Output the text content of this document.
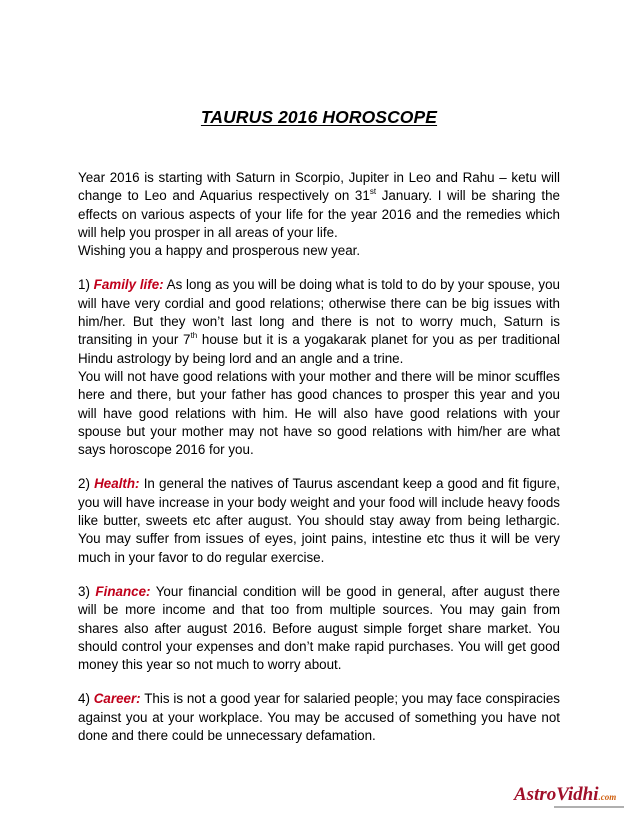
TAURUS 2016 HOROSCOPE

Year 2016 is starting with Saturn in Scorpio, Jupiter in Leo and Rahu – ketu will change to Leo and Aquarius respectively on 31st January. I will be sharing the effects on various aspects of your life for the year 2016 and the remedies which will help you prosper in all areas of your life.

Wishing you a happy and prosperous new year.

1) Family life: As long as you will be doing what is told to do by your spouse, you will have very cordial and good relations; otherwise there can be big issues with him/her. But they won’t last long and there is not to worry much, Saturn is transiting in your 7th house but it is a yogakarak planet for you as per traditional Hindu astrology by being lord and an angle and a trine.

You will not have good relations with your mother and there will be minor scuffles here and there, but your father has good chances to prosper this year and you will have good relations with him. He will also have good relations with your spouse but your mother may not have so good relations with him/her are what says horoscope 2016 for you.

2) Health: In general the natives of Taurus ascendant keep a good and fit figure, you will have increase in your body weight and your food will include heavy foods like butter, sweets etc after august. You should stay away from being lethargic. You may suffer from issues of eyes, joint pains, intestine etc thus it will be very much in your favor to do regular exercise.

3) Finance: Your financial condition will be good in general, after august there will be more income and that too from multiple sources. You may gain from shares also after august 2016. Before august simple forget share market. You should control your expenses and don’t make rapid purchases. You will get good money this year so not much to worry about.

4) Career: This is not a good year for salaried people; you may face conspiracies against you at your workplace. You may be accused of something you have not done and there could be unnecessary defamation.

AstroVidhi.com
